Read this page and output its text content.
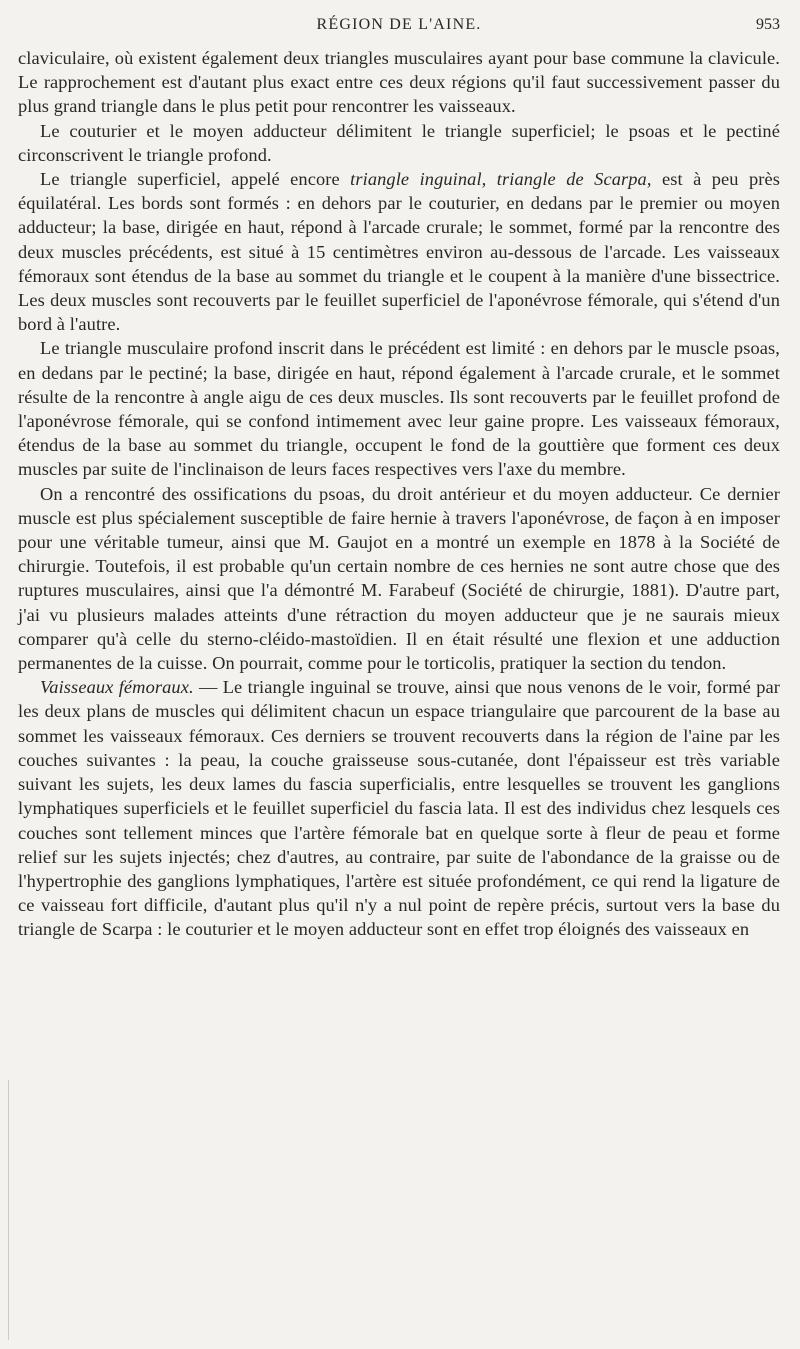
RÉGION DE L'AINE.	953

claviculaire, où existent également deux triangles musculaires ayant pour base commune la clavicule. Le rapprochement est d'autant plus exact entre ces deux régions qu'il faut successivement passer du plus grand triangle dans le plus petit pour rencontrer les vaisseaux.

Le couturier et le moyen adducteur délimitent le triangle superficiel; le psoas et le pectiné circonscrivent le triangle profond.

Le triangle superficiel, appelé encore triangle inguinal, triangle de Scarpa, est à peu près équilatéral. Les bords sont formés : en dehors par le couturier, en dedans par le premier ou moyen adducteur; la base, dirigée en haut, répond à l'arcade crurale; le sommet, formé par la rencontre des deux muscles précédents, est situé à 15 centimètres environ au-dessous de l'arcade. Les vaisseaux fémoraux sont étendus de la base au sommet du triangle et le coupent à la manière d'une bissectrice. Les deux muscles sont recouverts par le feuillet superficiel de l'aponévrose fémorale, qui s'étend d'un bord à l'autre.

Le triangle musculaire profond inscrit dans le précédent est limité : en dehors par le muscle psoas, en dedans par le pectiné; la base, dirigée en haut, répond également à l'arcade crurale, et le sommet résulte de la rencontre à angle aigu de ces deux muscles. Ils sont recouverts par le feuillet profond de l'aponévrose fémorale, qui se confond intimement avec leur gaine propre. Les vaisseaux fémoraux, étendus de la base au sommet du triangle, occupent le fond de la gouttière que forment ces deux muscles par suite de l'inclinaison de leurs faces respectives vers l'axe du membre.

On a rencontré des ossifications du psoas, du droit antérieur et du moyen adducteur. Ce dernier muscle est plus spécialement susceptible de faire hernie à travers l'aponévrose, de façon à en imposer pour une véritable tumeur, ainsi que M. Gaujot en a montré un exemple en 1878 à la Société de chirurgie. Toutefois, il est probable qu'un certain nombre de ces hernies ne sont autre chose que des ruptures musculaires, ainsi que l'a démontré M. Farabeuf (Société de chirurgie, 1881). D'autre part, j'ai vu plusieurs malades atteints d'une rétraction du moyen adducteur que je ne saurais mieux comparer qu'à celle du sterno-cléido-mastoïdien. Il en était résulté une flexion et une adduction permanentes de la cuisse. On pourrait, comme pour le torticolis, pratiquer la section du tendon.

Vaisseaux fémoraux. — Le triangle inguinal se trouve, ainsi que nous venons de le voir, formé par les deux plans de muscles qui délimitent chacun un espace triangulaire que parcourent de la base au sommet les vaisseaux fémoraux. Ces derniers se trouvent recouverts dans la région de l'aine par les couches suivantes : la peau, la couche graisseuse sous-cutanée, dont l'épaisseur est très variable suivant les sujets, les deux lames du fascia superficialis, entre lesquelles se trouvent les ganglions lymphatiques superficiels et le feuillet superficiel du fascia lata. Il est des individus chez lesquels ces couches sont tellement minces que l'artère fémorale bat en quelque sorte à fleur de peau et forme relief sur les sujets injectés; chez d'autres, au contraire, par suite de l'abondance de la graisse ou de l'hypertrophie des ganglions lymphatiques, l'artère est située profondément, ce qui rend la ligature de ce vaisseau fort difficile, d'autant plus qu'il n'y a nul point de repère précis, surtout vers la base du triangle de Scarpa : le couturier et le moyen adducteur sont en effet trop éloignés des vaisseaux en
